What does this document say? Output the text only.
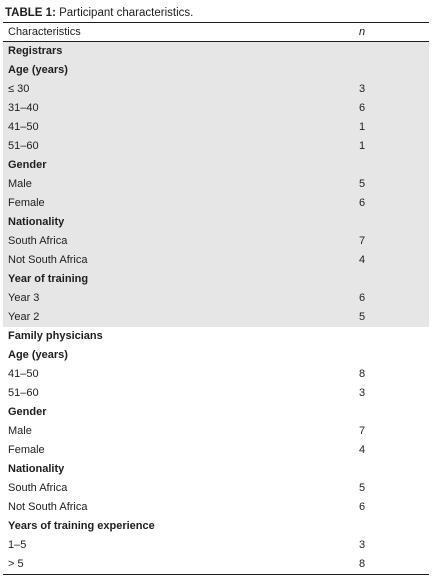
TABLE 1: Participant characteristics.
Characteristics	n
Registrars
Age (years)
≤ 30	3
31–40	6
41–50	1
51–60	1
Gender
Male	5
Female	6
Nationality
South Africa	7
Not South Africa	4
Year of training
Year 3	6
Year 2	5
Family physicians
Age (years)
41–50	8
51–60	3
Gender
Male	7
Female	4
Nationality
South Africa	5
Not South Africa	6
Years of training experience
1–5	3
> 5	8
